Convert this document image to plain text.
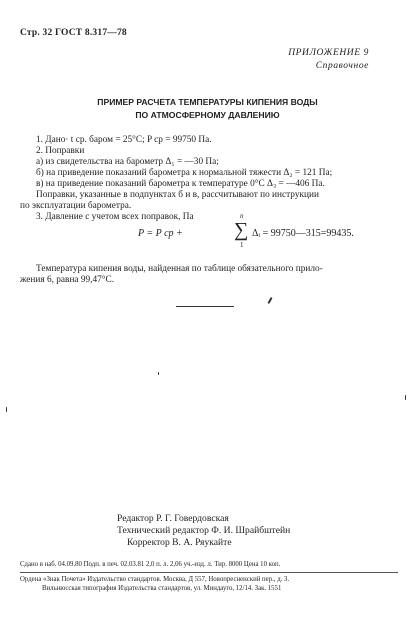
Стр. 32 ГОСТ 8.317—78
ПРИЛОЖЕНИЕ 9
Справочное
ПРИМЕР РАСЧЕТА ТЕМПЕРАТУРЫ КИПЕНИЯ ВОДЫ
ПО АТМОСФЕРНОМУ ДАВЛЕНИЮ
1. Дано· t ср. бapом = 25°C; P ср = 99750 Па.
2. Поправки
а) из свидетельства на барометр Δ₁ = —30 Па;
б) на приведение показаний барометра к нормальной тяжести Δ₂ = 121 Па;
в) на приведение показаний барометра к температуре 0°C Δ₃ = —406 Па.
Поправки, указанные в подпунктах б и в, рассчитывают по инструкции
по эксплуатации барометра.
3. Давление с учетом всех поправок, Па
P = P ср +
n
∑
1
Δᵢ = 99750—315=99435.
Температура кипения воды, найденная по таблице обязательного прило-
жения 6, равна 99,47°C.
Редактор Р. Г. Говердовская
Технический редактор Ф. И. Шрайбштейн
Корректор В. А. Ряукайте
Сдано в наб. 04.09.80 Подп. в печ. 02.03.81 2,0 п. л. 2,06 уч.-изд. л. Тир. 8000 Цена 10 коп.
Ордена «Знак Почета» Издательство стандартов. Москва, Д 557, Новопресненский пер., д. 3.
Вильнюсская типография Издательства стандартов, ул. Миндауго, 12/14. Зак. 1551
